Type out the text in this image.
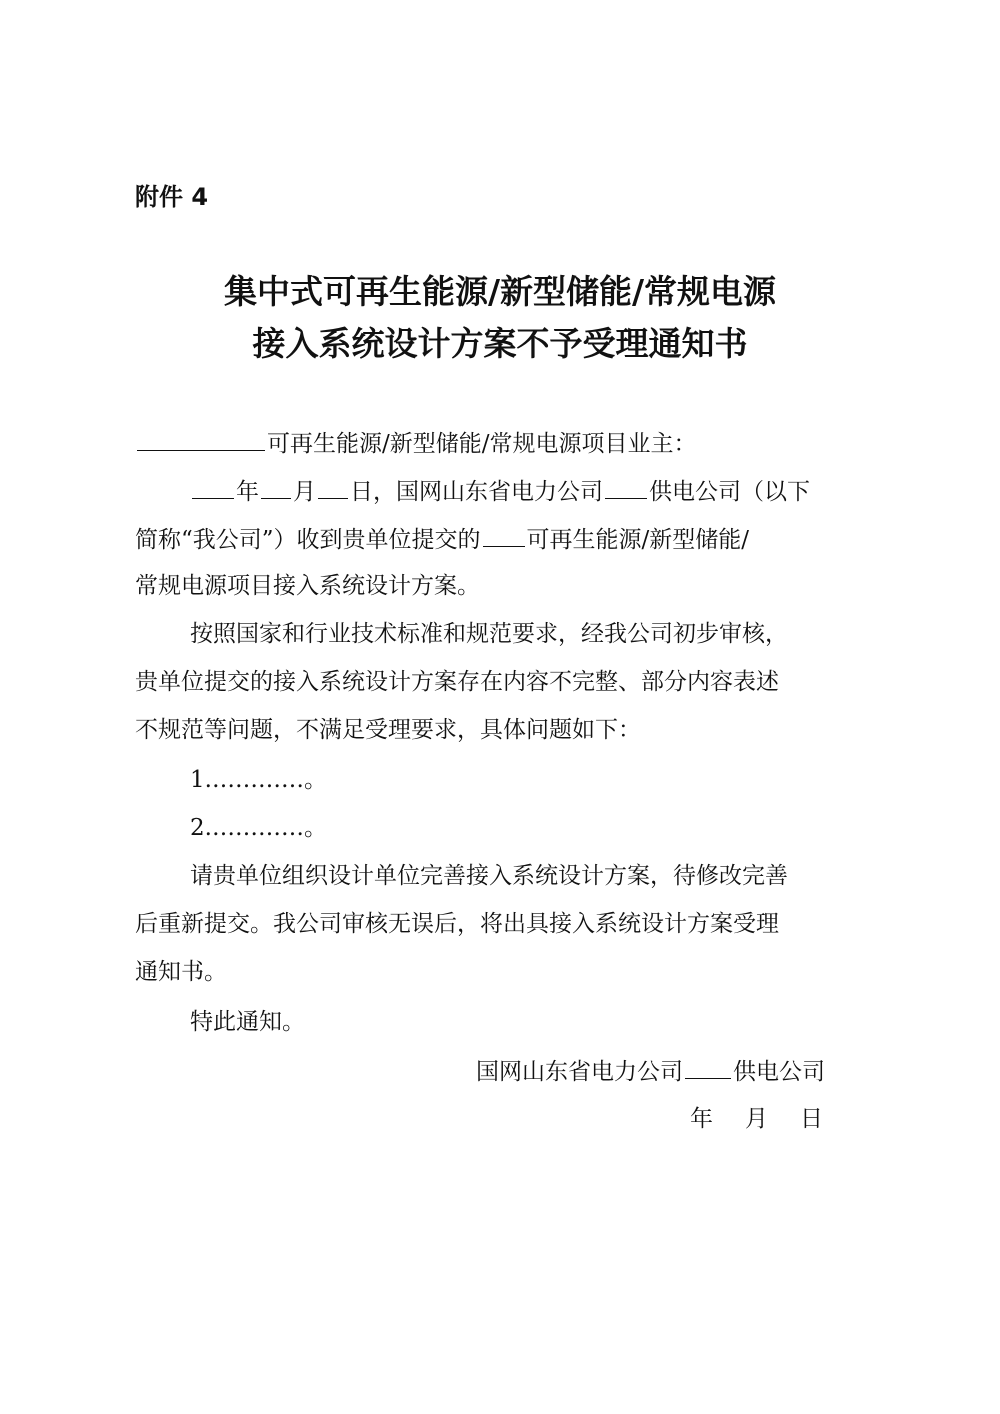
附件 4
集中式可再生能源/新型储能/常规电源
接入系统设计方案不予受理通知书
可再生能源/新型储能/常规电源项目业主：
年 月 日，国网山东省电力公司 供电公司（以下
简称“我公司”）收到贵单位提交的 可再生能源/新型储能/
常规电源项目接入系统设计方案。
按照国家和行业技术标准和规范要求，经我公司初步审核，
贵单位提交的接入系统设计方案存在内容不完整、部分内容表述
不规范等问题，不满足受理要求，具体问题如下：
1.…………。
2.…………。
请贵单位组织设计单位完善接入系统设计方案，待修改完善
后重新提交。我公司审核无误后，将出具接入系统设计方案受理
通知书。
特此通知。
国网山东省电力公司 供电公司
年 月 日
